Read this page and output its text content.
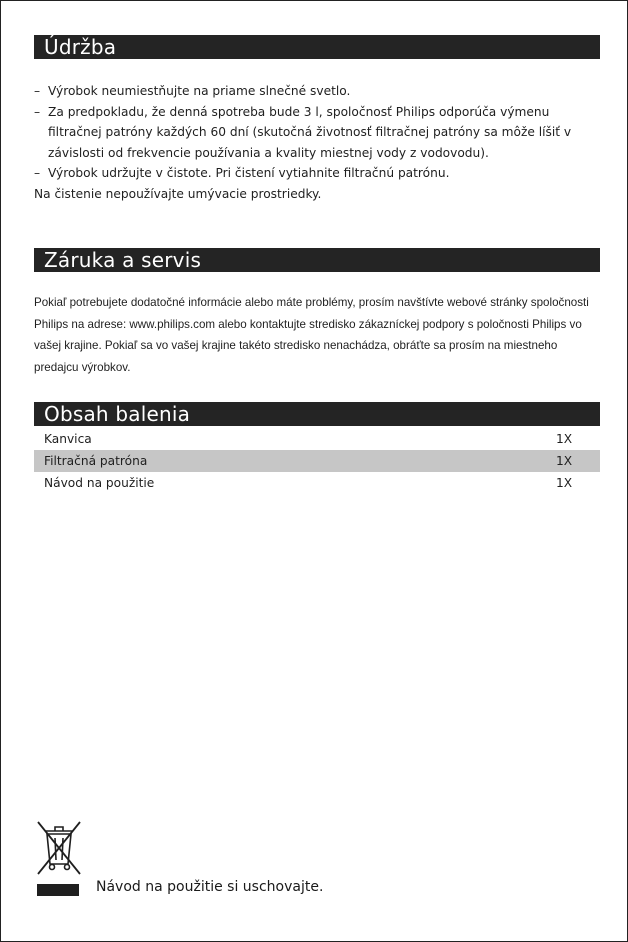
Údržba
– Výrobok neumiestňujte na priame slnečné svetlo.
– Za predpokladu, že denná spotreba bude 3 l, spoločnosť Philips odporúča výmenu filtračnej patróny každých 60 dní (skutočná životnosť filtračnej patróny sa môže líšiť v závislosti od frekvencie používania a kvality miestnej vody z vodovodu).
– Výrobok udržujte v čistote. Pri čistení vytiahnite filtračnú patrónu.
Na čistenie nepoužívajte umývacie prostriedky.
Záruka a servis
Pokiaľ potrebujete dodatočné informácie alebo máte problémy, prosím navštívte webové stránky spoločnosti Philips na adrese: www.philips.com alebo kontaktujte stredisko zákazníckej podpory s poločnosti Philips vo vašej krajine. Pokiaľ sa vo vašej krajine takéto stredisko nenachádza, obráťte sa prosím na miestneho predajcu výrobkov.
Obsah balenia
Kanvica	1X
Filtračná patróna	1X
Návod na použitie	1X
Návod na použitie si uschovajte.
